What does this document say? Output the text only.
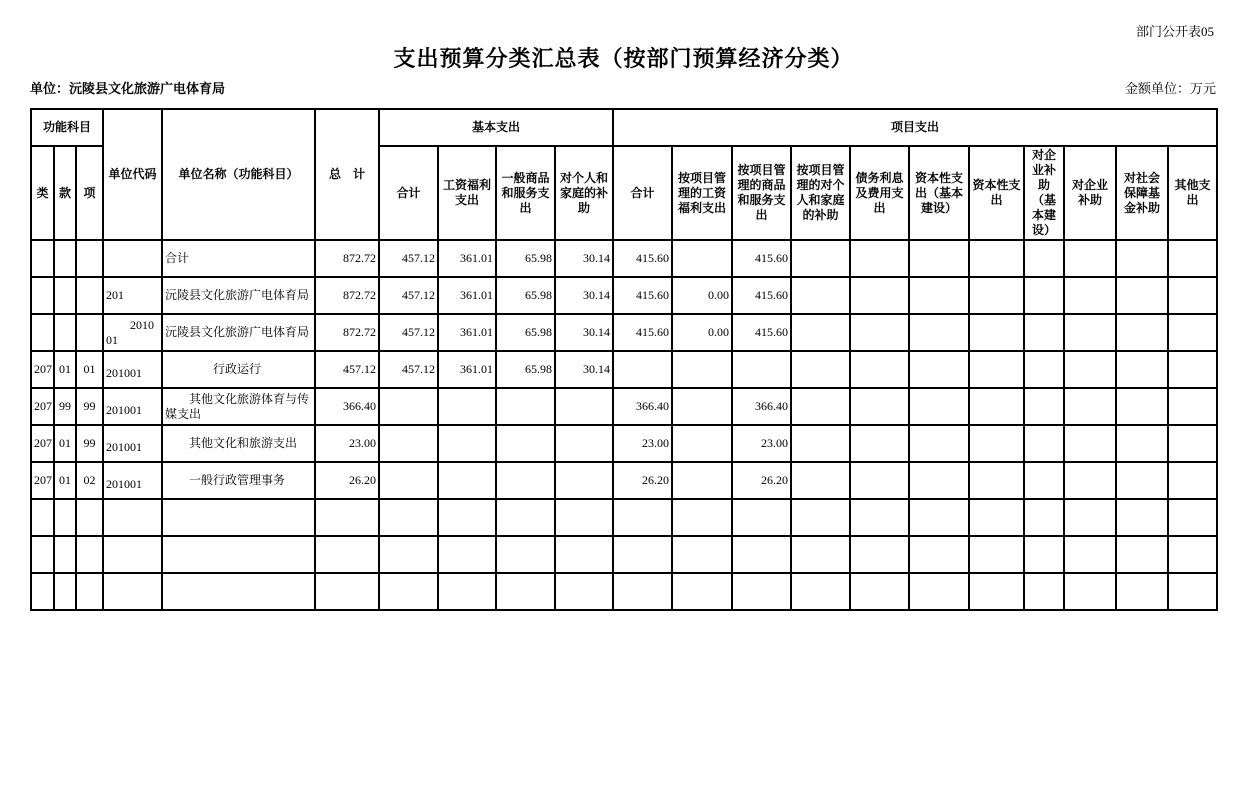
部门公开表05
支出预算分类汇总表（按部门预算经济分类）
单位：沅陵县文化旅游广电体育局	金额单位：万元
功能科目			单位代码	单位名称（功能科目）	总　计	基本支出				项目支出										
类	款	项				合计	工资福利支出	一般商品和服务支出	对个人和家庭的补助	合计	按项目管理的工资福利支出	按项目管理的商品和服务支出	按项目管理的对个人和家庭的补助	债务利息及费用支出	资本性支出（基本建设）	资本性支出	对企业补助（基本建设）	对企业补助	对社会保障基金补助	其他支出
				合计	872.72	457.12	361.01	65.98	30.14	415.60		415.60								
			201	沅陵县文化旅游广电体育局	872.72	457.12	361.01	65.98	30.14	415.60	0.00	415.60								
			　　201001	沅陵县文化旅游广电体育局	872.72	457.12	361.01	65.98	30.14	415.60	0.00	415.60								
207	01	01	201001	　　　　行政运行	457.12	457.12	361.01	65.98	30.14											
207	99	99	201001	　　其他文化旅游体育与传媒支出	366.40					366.40		366.40								
207	01	99	201001	　　其他文化和旅游支出	23.00					23.00		23.00								
207	01	02	201001	　　一般行政管理事务	26.20					26.20		26.20								
